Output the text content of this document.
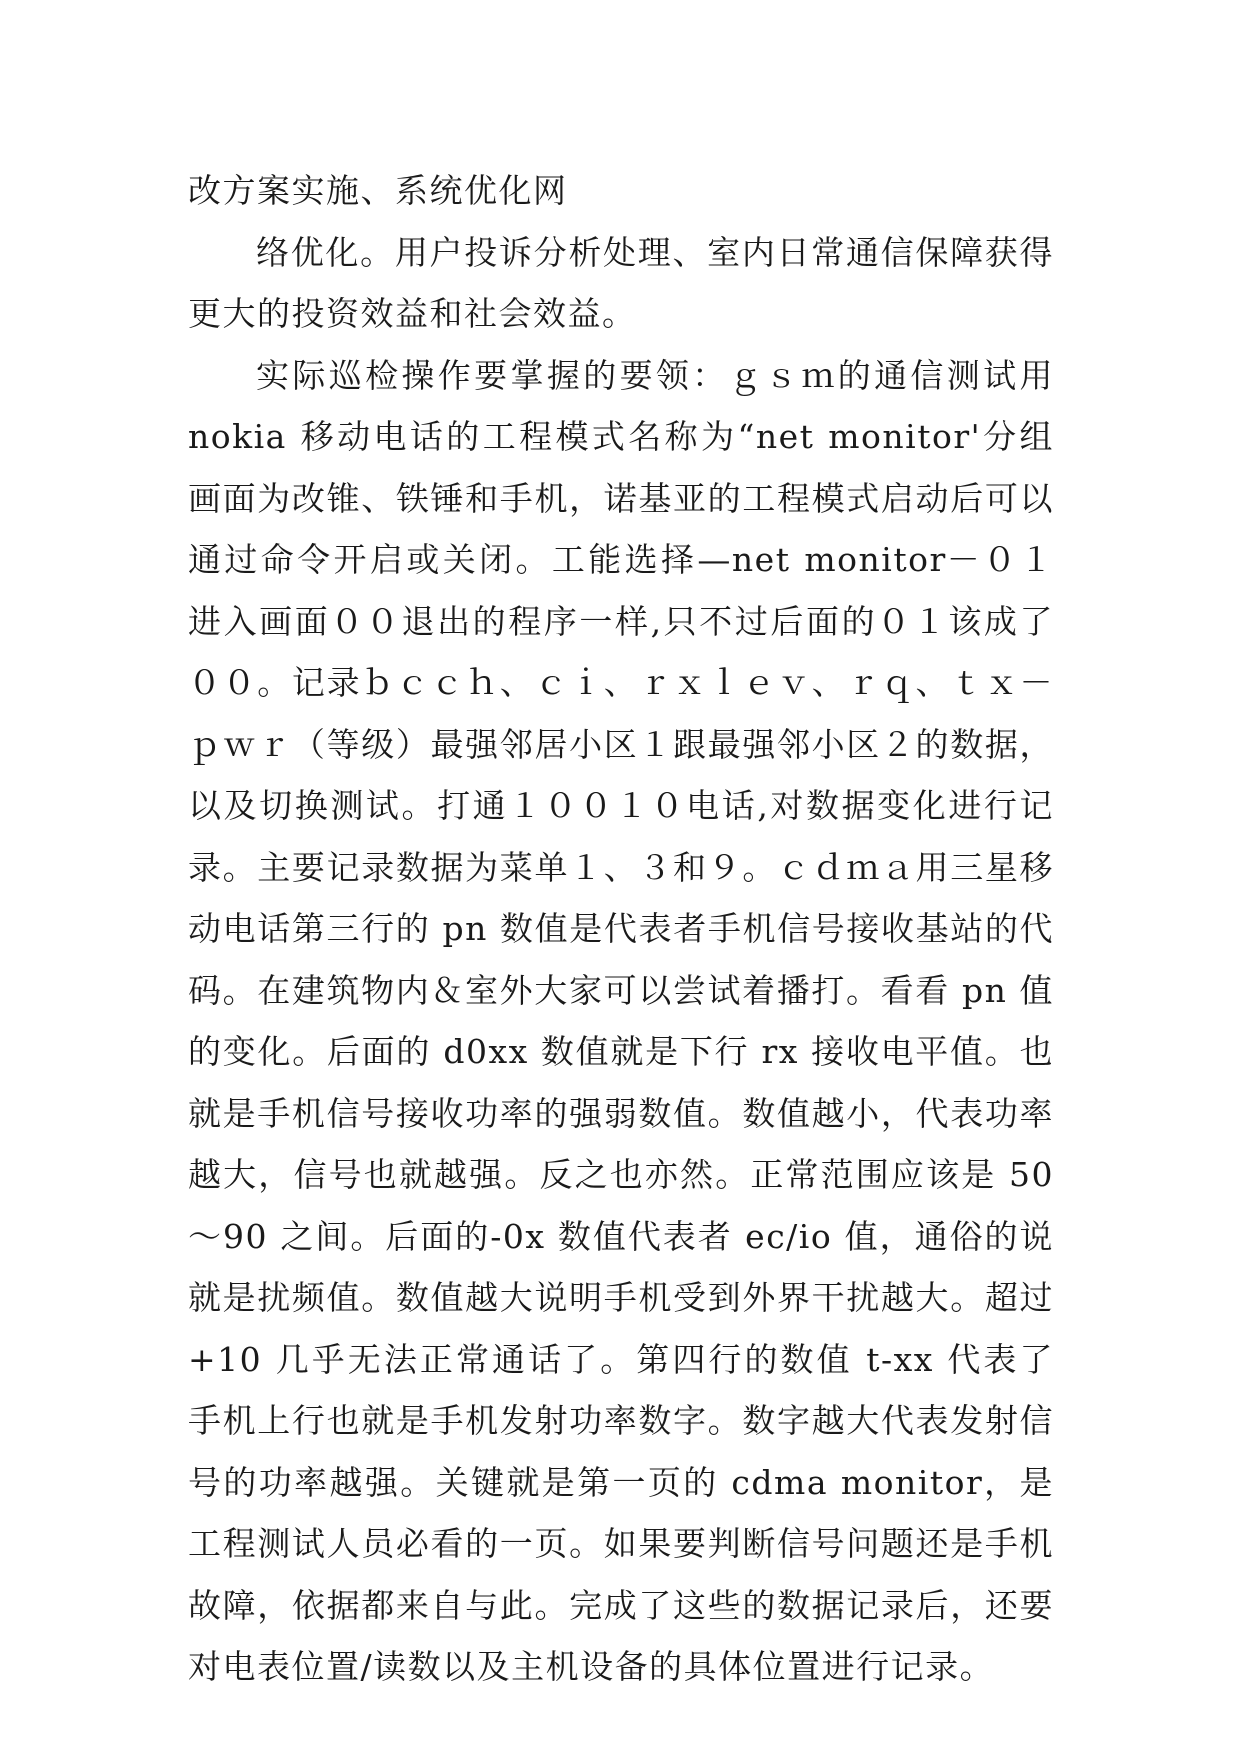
改方案实施、系统优化网

络优化。用户投诉分析处理、室内日常通信保障获得更大的投资效益和社会效益。

实际巡检操作要掌握的要领：ｇｓｍ的通信测试用 nokia 移动电话的工程模式名称为“net monitor'分组画面为改锥、铁锤和手机，诺基亚的工程模式启动后可以通过命令开启或关闭。工能选择—net monitor－０１进入画面００退出的程序一样,只不过后面的０１该成了００。记录ｂｃｃｈ、ｃｉ、ｒｘｌｅｖ、ｒｑ、ｔｘ－ｐｗｒ（等级）最强邻居小区１跟最强邻小区２的数据，以及切换测试。打通１００１０电话,对数据变化进行记录。主要记录数据为菜单１、３和９。ｃｄｍａ用三星移动电话第三行的 pn 数值是代表者手机信号接收基站的代码。在建筑物内＆室外大家可以尝试着播打。看看 pn 值的变化。后面的 d0xx 数值就是下行 rx 接收电平值。也就是手机信号接收功率的强弱数值。数值越小，代表功率越大，信号也就越强。反之也亦然。正常范围应该是 50～90 之间。后面的-0x 数值代表者 ec/io 值，通俗的说就是扰频值。数值越大说明手机受到外界干扰越大。超过+10 几乎无法正常通话了。第四行的数值 t-xx 代表了手机上行也就是手机发射功率数字。数字越大代表发射信号的功率越强。关键就是第一页的 cdma monitor，是工程测试人员必看的一页。如果要判断信号问题还是手机故障，依据都来自与此。完成了这些的数据记录后，还要对电表位置/读数以及主机设备的具体位置进行记录。
